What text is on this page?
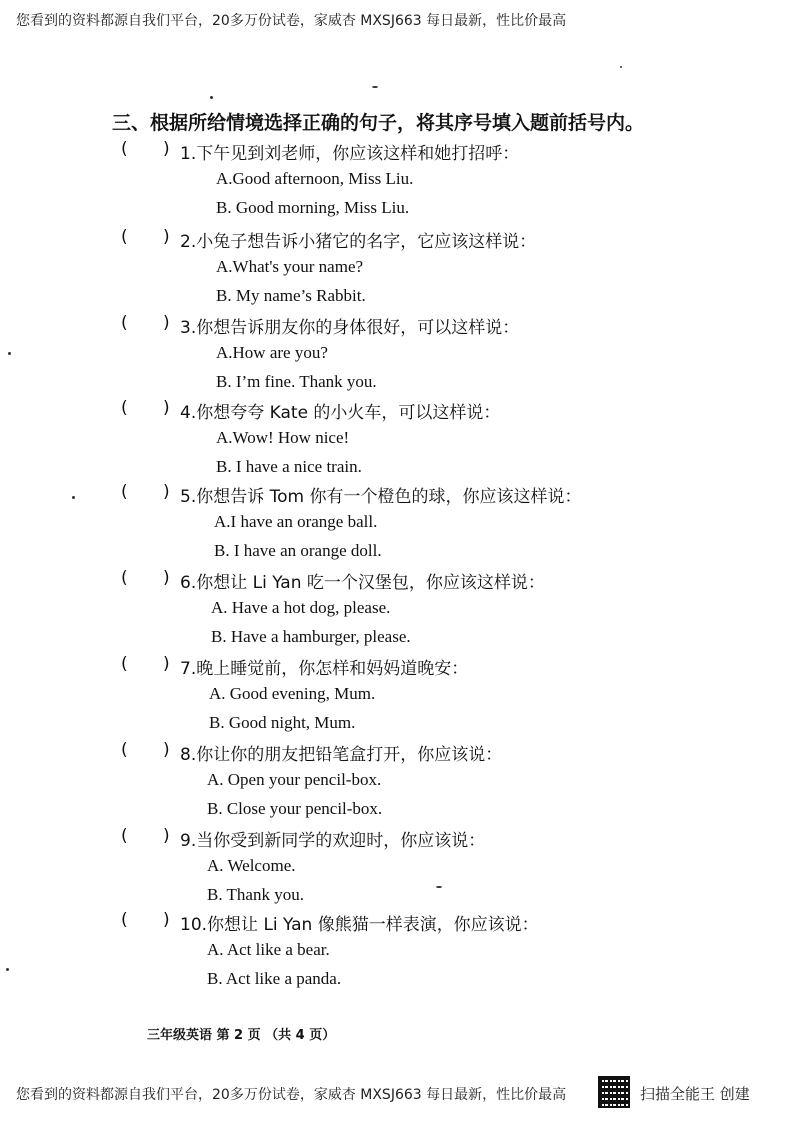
您看到的资料都源自我们平台，20多万份试卷，家威杏 MXSJ663 每日最新，性比价最高
三、根据所给情境选择正确的句子，将其序号填入题前括号内。
( ) 1.下午见到刘老师，你应该这样和她打招呼：
A.Good afternoon, Miss Liu.
B. Good morning, Miss Liu.
( ) 2.小兔子想告诉小猪它的名字，它应该这样说：
A.What's your name?
B. My name’s Rabbit.
( ) 3.你想告诉朋友你的身体很好，可以这样说：
A.How are you?
B. I’m fine. Thank you.
( ) 4.你想夸夸 Kate 的小火车，可以这样说：
A.Wow! How nice!
B. I have a nice train.
( ) 5.你想告诉 Tom 你有一个橙色的球，你应该这样说：
A.I have an orange ball.
B. I have an orange doll.
( ) 6.你想让 Li Yan 吃一个汉堡包，你应该这样说：
A. Have a hot dog, please.
B. Have a hamburger, please.
( ) 7.晚上睡觉前，你怎样和妈妈道晚安：
A. Good evening, Mum.
B. Good night, Mum.
( ) 8.你让你的朋友把铅笔盒打开，你应该说：
A. Open your pencil-box.
B. Close your pencil-box.
( ) 9.当你受到新同学的欢迎时，你应该说：
A. Welcome.
B. Thank you.
( ) 10.你想让 Li Yan 像熊猫一样表演，你应该说：
A. Act like a bear.
B. Act like a panda.
三年级英语 第 2 页 （共 4 页）
您看到的资料都源自我们平台，20多万份试卷，家威杏 MXSJ663 每日最新，性比价最高	扫描全能王 创建
